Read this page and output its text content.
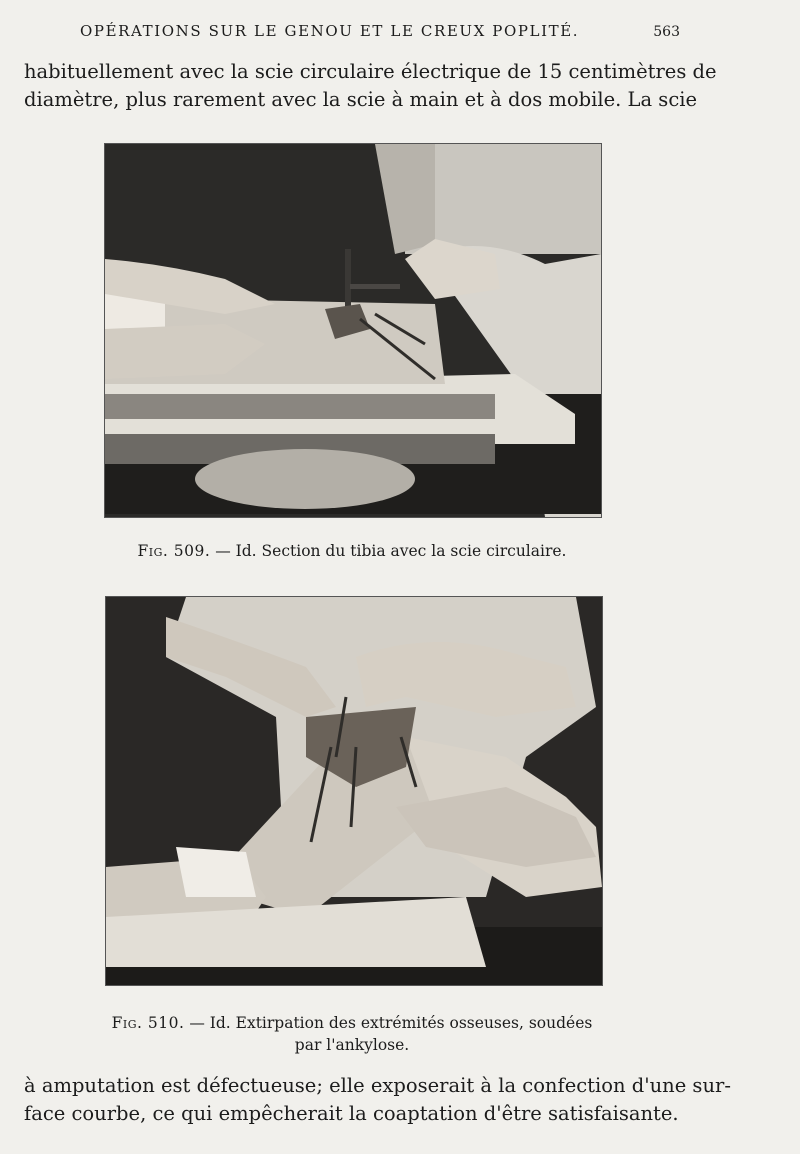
OPÉRATIONS SUR LE GENOU ET LE CREUX POPLITÉ.	563
habituellement avec la scie circulaire électrique de 15 centimètres de
diamètre, plus rarement avec la scie à main et à dos mobile. La scie
Fig. 509. — Id. Section du tibia avec la scie circulaire.
Fig. 510. — Id. Extirpation des extrémités osseuses, soudées
par l'ankylose.
à amputation est défectueuse; elle exposerait à la confection d'une sur-
face courbe, ce qui empêcherait la coaptation d'être satisfaisante.
